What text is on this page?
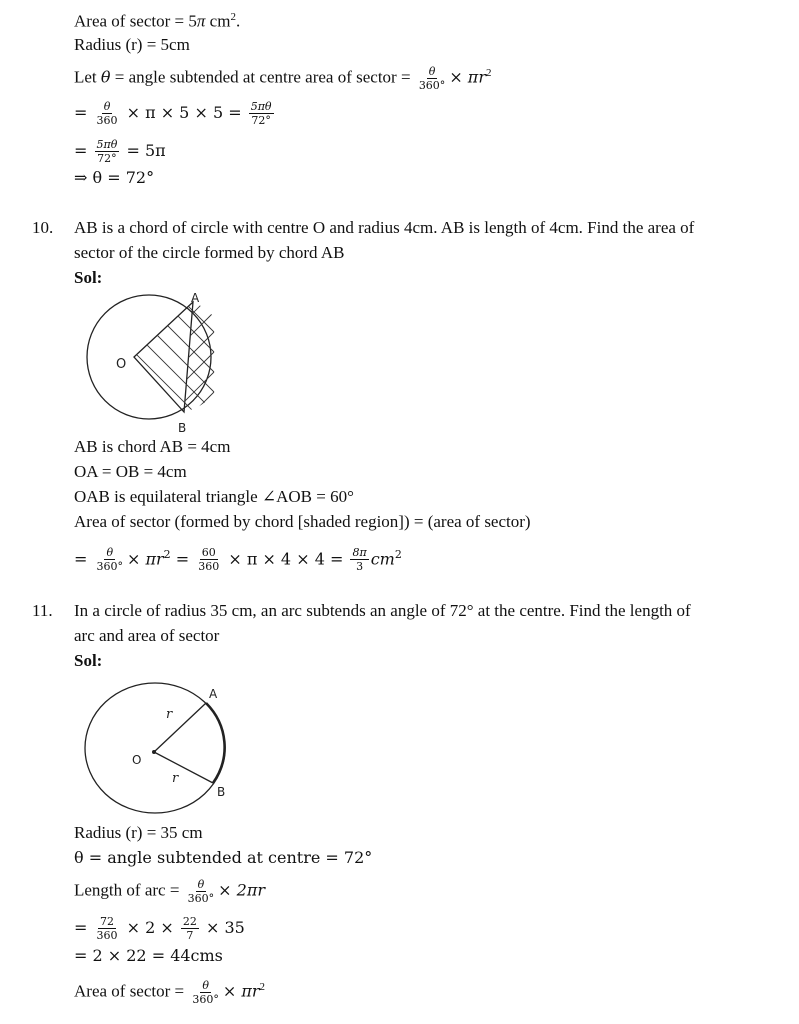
Area of sector = 5π $cm^2$.
Radius (r) = 5cm
Let θ = angle subtended at centre area of sector = $\frac{\theta}{360^\circ} \times \pi r^2$
= $\frac{\theta}{360} \times \pi \times 5 \times 5 = \frac{5\pi\theta}{72^\circ}$
= $\frac{5\pi\theta}{72^\circ} = 5\pi$
⇒ θ = 72°
10. AB is a chord of circle with centre O and radius 4cm. AB is length of 4cm. Find the area of
sector of the circle formed by chord AB
Sol:
O
A
B
AB is chord AB = 4cm
OA = OB = 4cm
OAB is equilateral triangle ∠AOB = 60°
Area of sector (formed by chord [shaded region]) = (area of sector)
= $\frac{\theta}{360^\circ} \times \pi r^2 = \frac{60}{360} \times \pi \times 4 \times 4 = \frac{8\pi}{3} cm^2$
11. In a circle of radius 35 cm, an arc subtends an angle of 72° at the centre. Find the length of
arc and area of sector
Sol:
O
A
B
r
r
Radius (r) = 35 cm
θ = angle subtended at centre = 72°
Length of arc = $\frac{\theta}{360^\circ} \times 2\pi r$
= $\frac{72}{360} \times 2 \times \frac{22}{7} \times 35$
= 2 × 22 = 44cms
Area of sector = $\frac{\theta}{360^\circ} \times \pi r^2$
